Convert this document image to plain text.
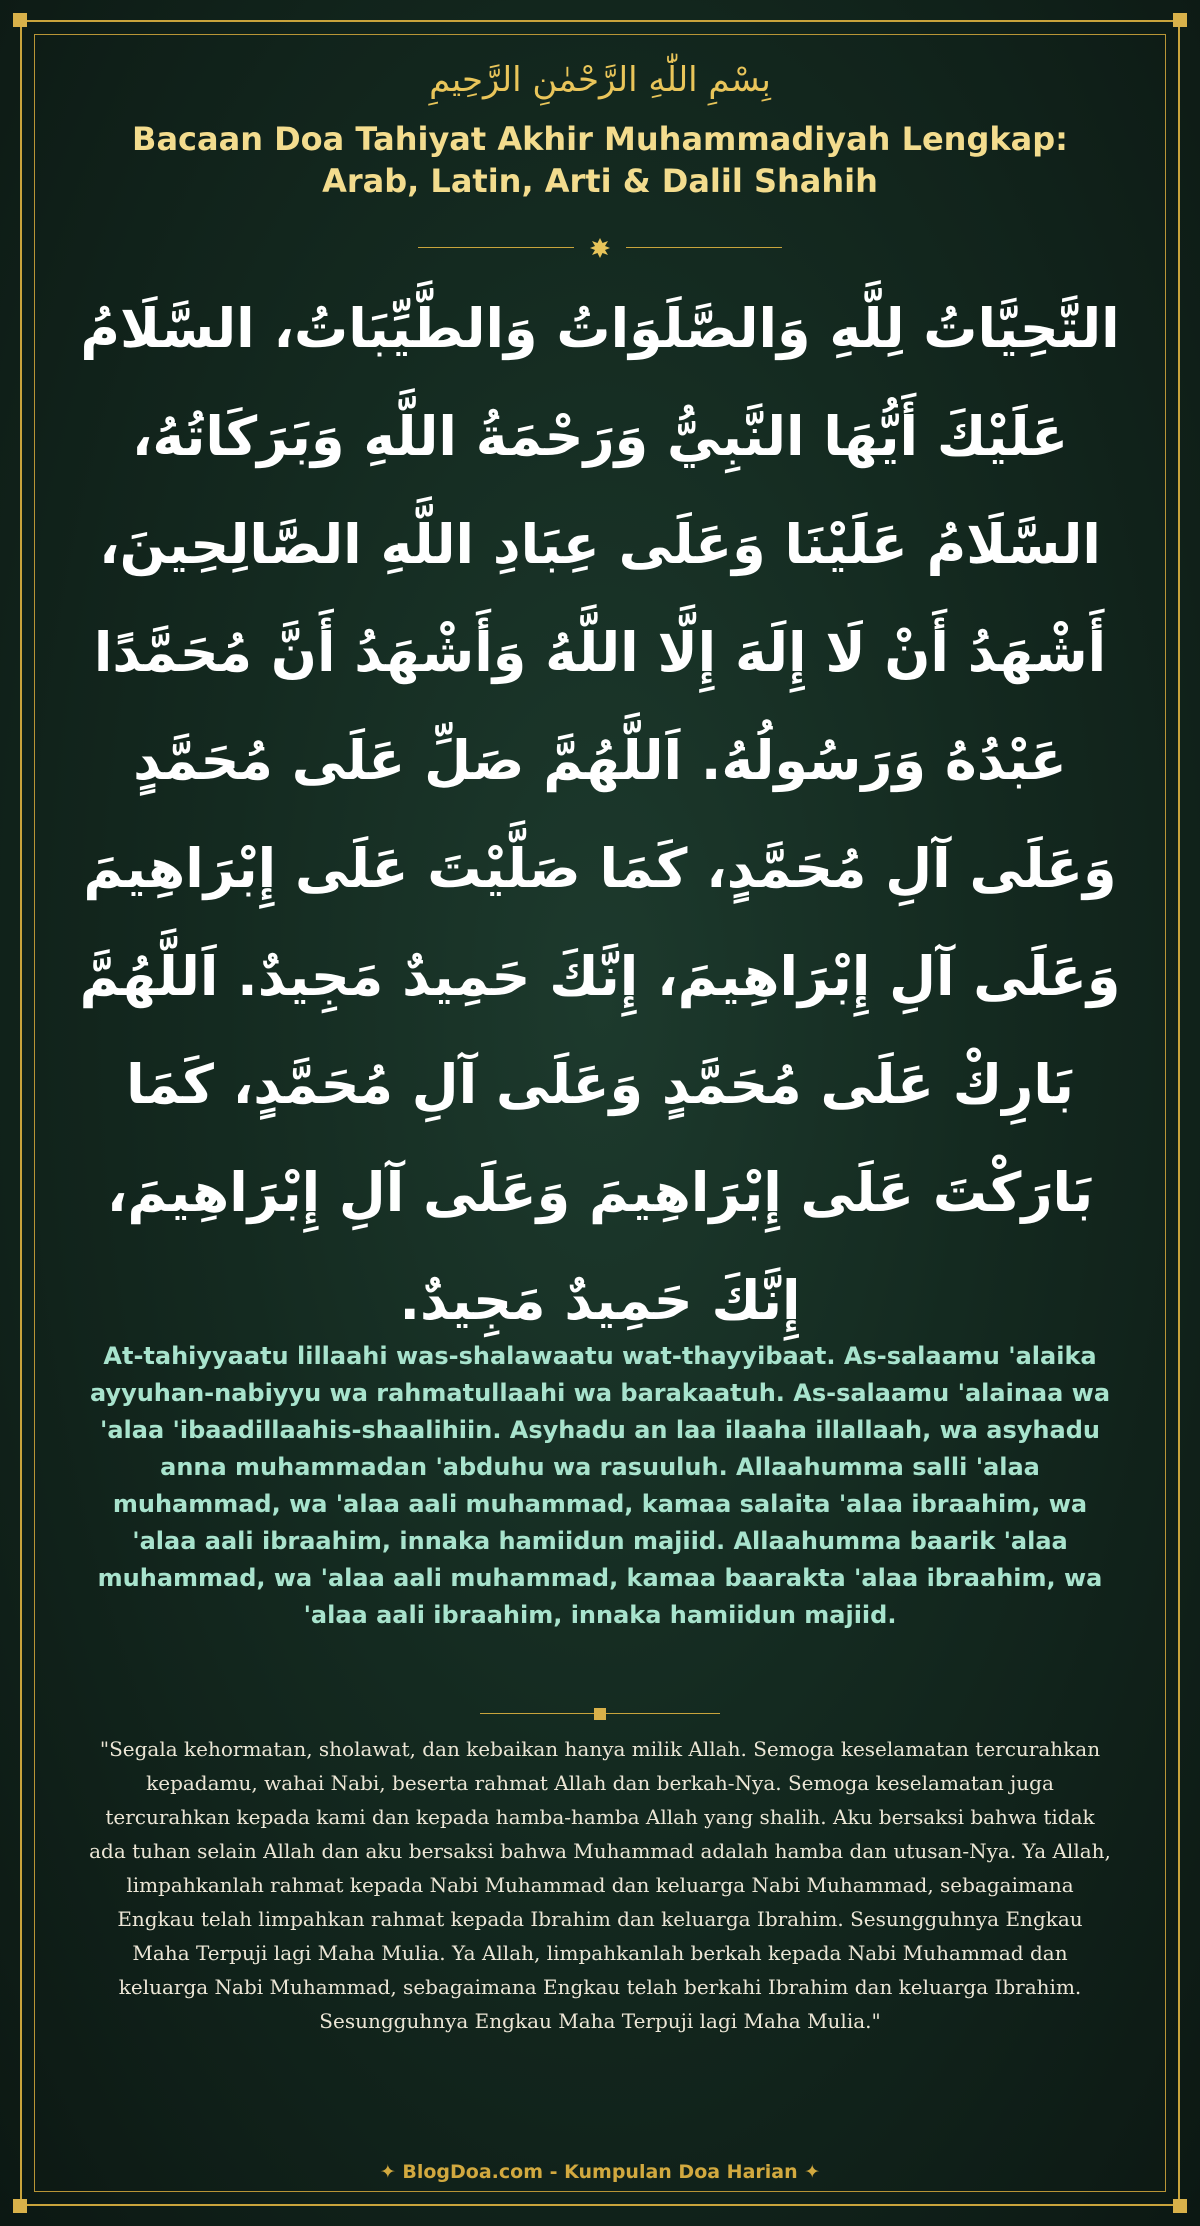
بِسْمِ اللّٰهِ الرَّحْمٰنِ الرَّحِيمِ
Bacaan Doa Tahiyat Akhir Muhammadiyah Lengkap: Arab, Latin, Arti & Dalil Shahih
التَّحِيَّاتُ لِلَّهِ وَالصَّلَوَاتُ وَالطَّيِّبَاتُ، السَّلَامُ عَلَيْكَ أَيُّهَا النَّبِيُّ وَرَحْمَةُ اللَّهِ وَبَرَكَاتُهُ، السَّلَامُ عَلَيْنَا وَعَلَى عِبَادِ اللَّهِ الصَّالِحِينَ، أَشْهَدُ أَنْ لَا إِلَهَ إِلَّا اللَّهُ وَأَشْهَدُ أَنَّ مُحَمَّدًا عَبْدُهُ وَرَسُولُهُ. اَللَّهُمَّ صَلِّ عَلَى مُحَمَّدٍ وَعَلَى آلِ مُحَمَّدٍ، كَمَا صَلَّيْتَ عَلَى إِبْرَاهِيمَ وَعَلَى آلِ إِبْرَاهِيمَ، إِنَّكَ حَمِيدٌ مَجِيدٌ. اَللَّهُمَّ بَارِكْ عَلَى مُحَمَّدٍ وَعَلَى آلِ مُحَمَّدٍ، كَمَا بَارَكْتَ عَلَى إِبْرَاهِيمَ وَعَلَى آلِ إِبْرَاهِيمَ، إِنَّكَ حَمِيدٌ مَجِيدٌ.
At-tahiyyaatu lillaahi was-shalawaatu wat-thayyibaat. As-salaamu 'alaika ayyuhan-nabiyyu wa rahmatullaahi wa barakaatuh. As-salaamu 'alainaa wa 'alaa 'ibaadillaahis-shaalihiin. Asyhadu an laa ilaaha illallaah, wa asyhadu anna muhammadan 'abduhu wa rasuuluh. Allaahumma salli 'alaa muhammad, wa 'alaa aali muhammad, kamaa salaita 'alaa ibraahim, wa 'alaa aali ibraahim, innaka hamiidun majiid. Allaahumma baarik 'alaa muhammad, wa 'alaa aali muhammad, kamaa baarakta 'alaa ibraahim, wa 'alaa aali ibraahim, innaka hamiidun majiid.
"Segala kehormatan, sholawat, dan kebaikan hanya milik Allah. Semoga keselamatan tercurahkan kepadamu, wahai Nabi, beserta rahmat Allah dan berkah-Nya. Semoga keselamatan juga tercurahkan kepada kami dan kepada hamba-hamba Allah yang shalih. Aku bersaksi bahwa tidak ada tuhan selain Allah dan aku bersaksi bahwa Muhammad adalah hamba dan utusan-Nya. Ya Allah, limpahkanlah rahmat kepada Nabi Muhammad dan keluarga Nabi Muhammad, sebagaimana Engkau telah limpahkan rahmat kepada Ibrahim dan keluarga Ibrahim. Sesungguhnya Engkau Maha Terpuji lagi Maha Mulia. Ya Allah, limpahkanlah berkah kepada Nabi Muhammad dan keluarga Nabi Muhammad, sebagaimana Engkau telah berkahi Ibrahim dan keluarga Ibrahim. Sesungguhnya Engkau Maha Terpuji lagi Maha Mulia."
✦ BlogDoa.com - Kumpulan Doa Harian ✦
